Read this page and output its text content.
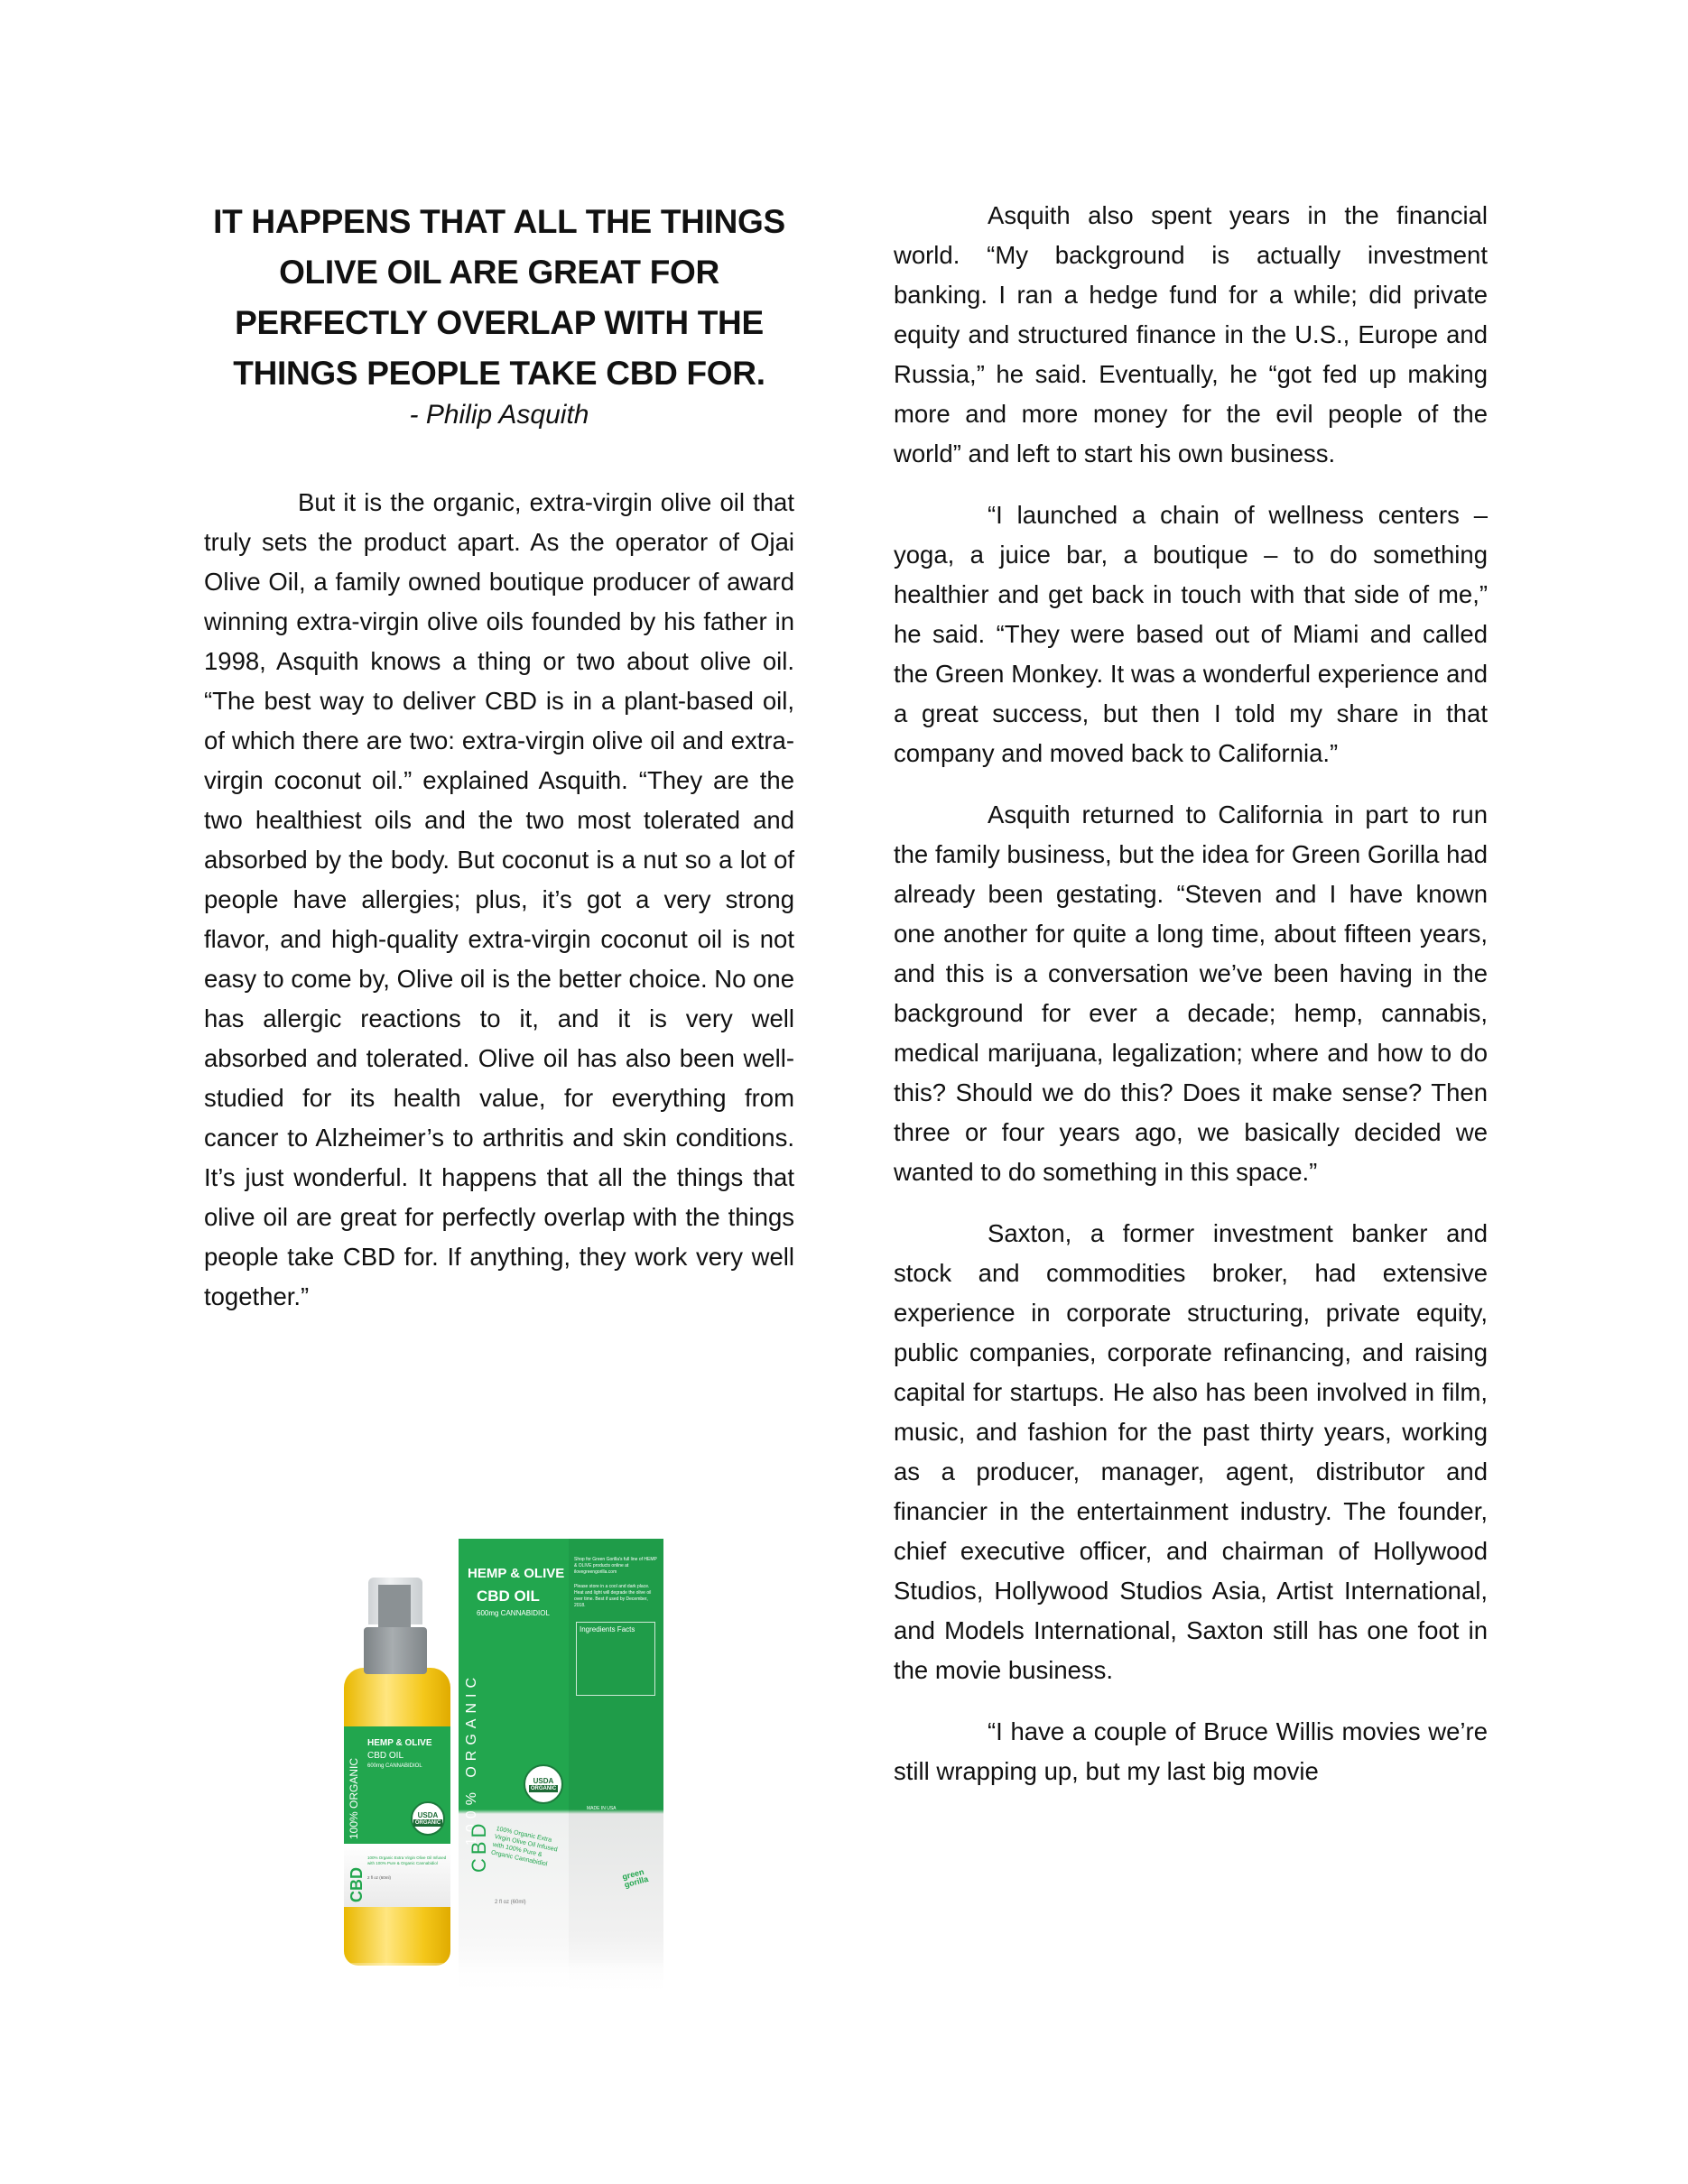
IT HAPPENS THAT ALL THE THINGS
OLIVE OIL ARE GREAT FOR
PERFECTLY OVERLAP WITH THE
THINGS PEOPLE TAKE CBD FOR.
- Philip Asquith

But it is the organic, extra-virgin olive oil that truly sets the product apart. As the operator of Ojai Olive Oil, a family owned boutique producer of award winning extra-virgin olive oils founded by his father in 1998, Asquith knows a thing or two about olive oil. “The best way to deliver CBD is in a plant-based oil, of which there are two: extra-virgin olive oil and extra-virgin coconut oil.” explained Asquith. “They are the two healthiest oils and the two most tolerated and absorbed by the body. But coconut is a nut so a lot of people have allergies; plus, it’s got a very strong flavor, and high-quality extra-virgin coconut oil is not easy to come by, Olive oil is the better choice. No one has allergic reactions to it, and it is very well absorbed and tolerated. Olive oil has also been well-studied for its health value, for everything from cancer to Alzheimer’s to arthritis and skin conditions. It’s just wonderful. It happens that all the things that olive oil are great for perfectly overlap with the things people take CBD for. If anything, they work very well together.”

Asquith also spent years in the financial world. “My background is actually investment banking. I ran a hedge fund for a while; did private equity and structured finance in the U.S., Europe and Russia,” he said. Eventually, he “got fed up making more and more money for the evil people of the world” and left to start his own business.

“I launched a chain of wellness centers – yoga, a juice bar, a boutique – to do something healthier and get back in touch with that side of me,” he said. “They were based out of Miami and called the Green Monkey. It was a wonderful experience and a great success, but then I told my share in that company and moved back to California.”

Asquith returned to California in part to run the family business, but the idea for Green Gorilla had already been gestating. “Steven and I have known one another for quite a long time, about fifteen years, and this is a conversation we’ve been having in the background for ever a decade; hemp, cannabis, medical marijuana, legalization; where and how to do this? Should we do this? Does it make sense? Then three or four years ago, we basically decided we wanted to do something in this space.”

Saxton, a former investment banker and stock and commodities broker, had extensive experience in corporate structuring, private equity, public companies, corporate refinancing, and raising capital for startups. He also has been involved in film, music, and fashion for the past thirty years, working as a producer, manager, agent, distributor and financier in the entertainment industry. The founder, chief executive officer, and chairman of Hollywood Studios, Hollywood Studios Asia, Artist International, and Models International, Saxton still has one foot in the movie business.

“I have a couple of Bruce Willis movies we’re still wrapping up, but my last big movie

HEMP & OLIVE
CBD OIL
600mg CANNABIDIOL
100% ORGANIC
CBD 100% Organic Extra Virgin Olive Oil Infused with 100% Pure & Organic Cannabidiol
2 fl oz (60ml)
USDA
ORGANIC
Shop for Green Gorilla's full line of HEMP & OLIVE products online at ilovegreengorilla.com
Please store in a cool and dark place. Heat and light will degrade the olive oil over time. Best if used by December, 2018.
Ingredients Facts
MADE IN USA
green gorilla
100% ORGANIC
CBD
HEMP & OLIVE
CBD OIL
600mg CANNABIDIOL
100% Organic Extra Virgin Olive Oil Infused with 100% Pure & Organic Cannabidiol
2 fl oz (60ml)
USDA
ORGANIC
